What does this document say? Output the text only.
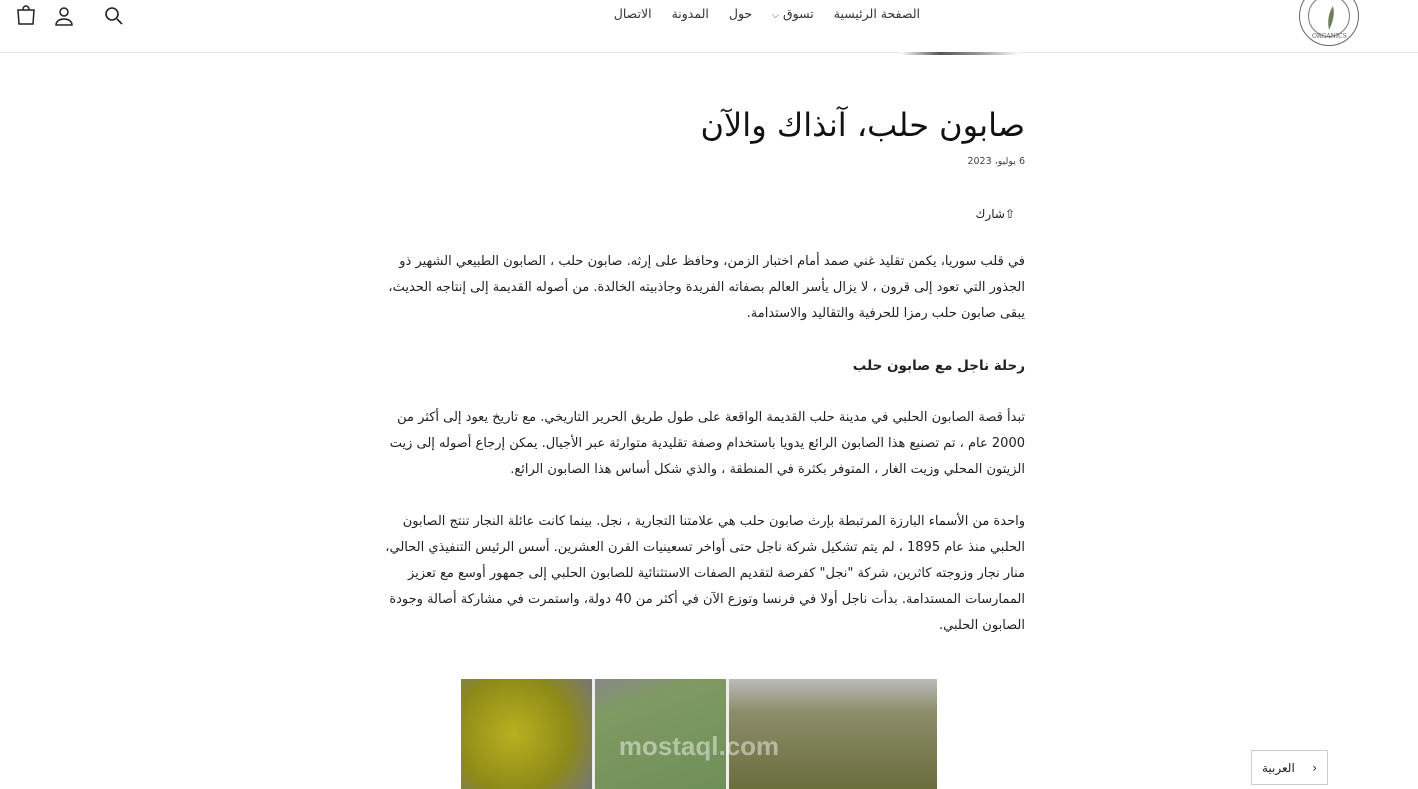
الصفحة الرئيسية
تسوق ⌵
حول
المدونة
الاتصال
ORGANICS
صابون حلب، آنذاك والآن
6 يوليو، 2023
⇧شارك

في قلب سوريا، يكمن تقليد غني صمد أمام اختبار الزمن، وحافظ على إرثه. صابون حلب ، الصابون الطبيعي الشهير ذو الجذور التي تعود إلى قرون ، لا يزال يأسر العالم بصفاته الفريدة وجاذبيته الخالدة. من أصوله القديمة إلى إنتاجه الحديث، يبقى صابون حلب رمزا للحرفية والتقاليد والاستدامة.

رحلة ناجل مع صابون حلب

تبدأ قصة الصابون الحلبي في مدينة حلب القديمة الواقعة على طول طريق الحرير التاريخي. مع تاريخ يعود إلى أكثر من 2000 عام ، تم تصنيع هذا الصابون الرائع يدويا باستخدام وصفة تقليدية متوارثة عبر الأجيال. يمكن إرجاع أصوله إلى زيت الزيتون المحلي وزيت الغار ، المتوفر بكثرة في المنطقة ، والذي شكل أساس هذا الصابون الرائع.

واحدة من الأسماء البارزة المرتبطة بإرث صابون حلب هي علامتنا التجارية ، نجل. بينما كانت عائلة النجار تنتج الصابون الحلبي منذ عام 1895 ، لم يتم تشكيل شركة ناجل حتى أواخر تسعينيات القرن العشرين. أسس الرئيس التنفيذي الحالي، منار نجار وزوجته كاثرين، شركة "نجل" كفرصة لتقديم الصفات الاستثنائية للصابون الحلبي إلى جمهور أوسع مع تعزيز الممارسات المستدامة. بدأت ناجل أولا في فرنسا وتوزع الآن في أكثر من 40 دولة، واستمرت في مشاركة أصالة وجودة الصابون الحلبي.

mostaql.com
العربية ›
